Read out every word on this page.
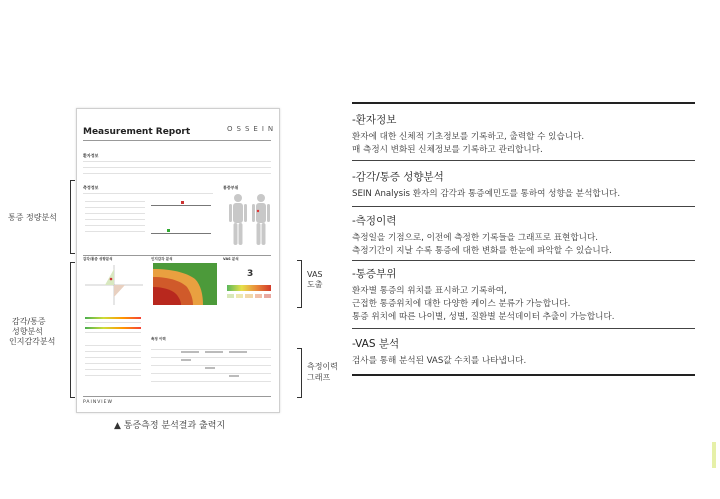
Measurement Report	OSSEIN
환자정보
측정정보	통증부위
감각/통증 성향분석	인지감각 분석	VAS 분석
3
측정 이력
PAINVIEW
통증 정량분석
감각/통증
성향분석
인지감각분석
VAS
도출
측정이력
그래프
▲ 통증측정 분석결과 출력지
-환자정보
환자에 대한 신체적 기초정보를 기록하고, 출력할 수 있습니다.
매 측정시 변화된 신체정보를 기록하고 관리합니다.
-감각/통증 성향분석
SEIN Analysis 환자의 감각과 통증예민도를 통하여 성향을 분석합니다.
-측정이력
측정일을 기점으로, 이전에 측정한 기록들을 그래프로 표현합니다.
측정기간이 지날 수록 통증에 대한 변화를 한눈에 파악할 수 있습니다.
-통증부위
환자별 통증의 위치를 표시하고 기록하여,
근접한 통증위치에 대한 다양한 케이스 분류가 가능합니다.
통증 위치에 따른 나이별, 성별, 질환별 분석데이터 추출이 가능합니다.
-VAS 분석
검사를 통해 분석된 VAS값 수치를 나타냅니다.
